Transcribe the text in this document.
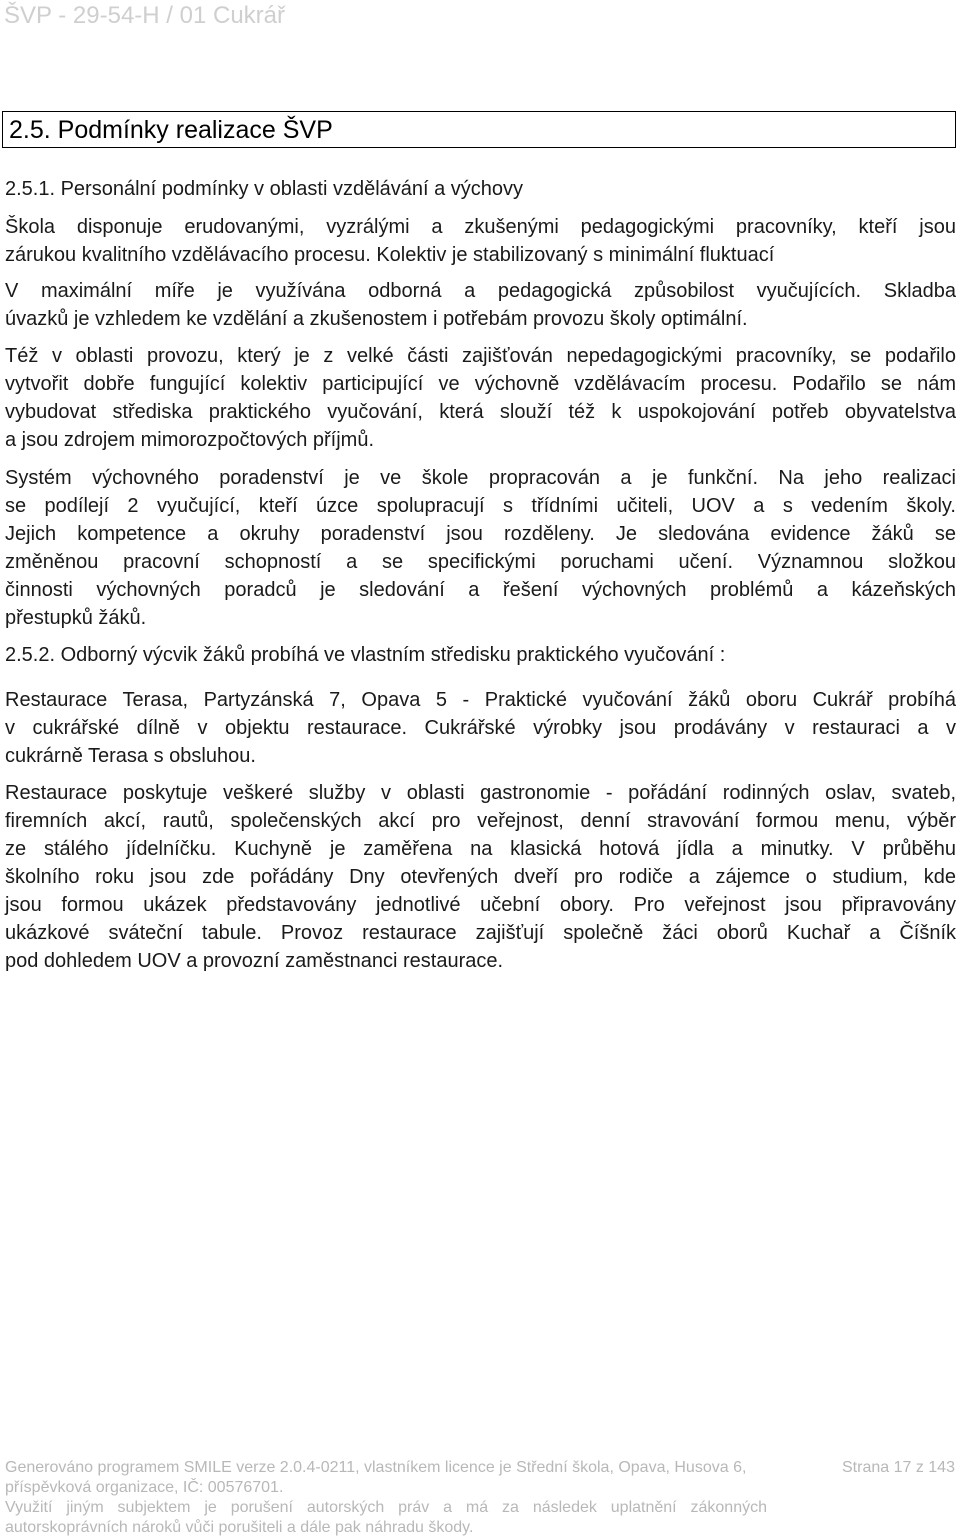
ŠVP - 29-54-H / 01 Cukrář
2.5. Podmínky realizace ŠVP
2.5.1. Personální podmínky v oblasti vzdělávání a výchovy
Škola disponuje erudovanými, vyzrálými a zkušenými pedagogickými pracovníky, kteří jsou
zárukou kvalitního vzdělávacího procesu. Kolektiv je stabilizovaný s minimální fluktuací
V maximální míře je využívána odborná a pedagogická způsobilost vyučujících. Skladba
úvazků je vzhledem ke vzdělání a zkušenostem i potřebám provozu školy optimální.
Též v oblasti provozu, který je z velké části zajišťován nepedagogickými pracovníky, se podařilo
vytvořit dobře fungující kolektiv participující ve výchovně vzdělávacím procesu. Podařilo se nám
vybudovat střediska praktického vyučování, která slouží též k uspokojování potřeb obyvatelstva
a jsou zdrojem mimorozpočtových příjmů.
Systém výchovného poradenství je ve škole propracován a je funkční. Na jeho realizaci
se podílejí 2 vyučující, kteří úzce spolupracují s třídními učiteli, UOV a s vedením školy.
Jejich kompetence a okruhy poradenství jsou rozděleny. Je sledována evidence žáků se
změněnou pracovní schopností a se specifickými poruchami učení. Významnou složkou
činnosti výchovných poradců je sledování a řešení výchovných problémů a kázeňských
přestupků žáků.
2.5.2. Odborný výcvik žáků probíhá ve vlastním středisku praktického vyučování :
Restaurace Terasa, Partyzánská 7, Opava 5 - Praktické vyučování žáků oboru Cukrář probíhá
v cukrářské dílně v objektu restaurace. Cukrářské výrobky jsou prodávány v restauraci a v
cukrárně Terasa s obsluhou.
Restaurace poskytuje veškeré služby v oblasti gastronomie - pořádání rodinných oslav, svateb,
firemních akcí, rautů, společenských akcí pro veřejnost, denní stravování formou menu, výběr
ze stálého jídelníčku. Kuchyně je zaměřena na klasická hotová jídla a minutky. V průběhu
školního roku jsou zde pořádány Dny otevřených dveří pro rodiče a zájemce o studium, kde
jsou formou ukázek představovány jednotlivé učební obory. Pro veřejnost jsou připravovány
ukázkové sváteční tabule. Provoz restaurace zajišťují společně žáci oborů Kuchař a Číšník
pod dohledem UOV a provozní zaměstnanci restaurace.
Generováno programem SMILE verze 2.0.4-0211, vlastníkem licence je Střední škola, Opava, Husova 6,	Strana 17 z 143
příspěvková organizace, IČ: 00576701.
Využití jiným subjektem je porušení autorských práv a má za následek uplatnění zákonných
autorskoprávních nároků vůči porušiteli a dále pak náhradu škody.
